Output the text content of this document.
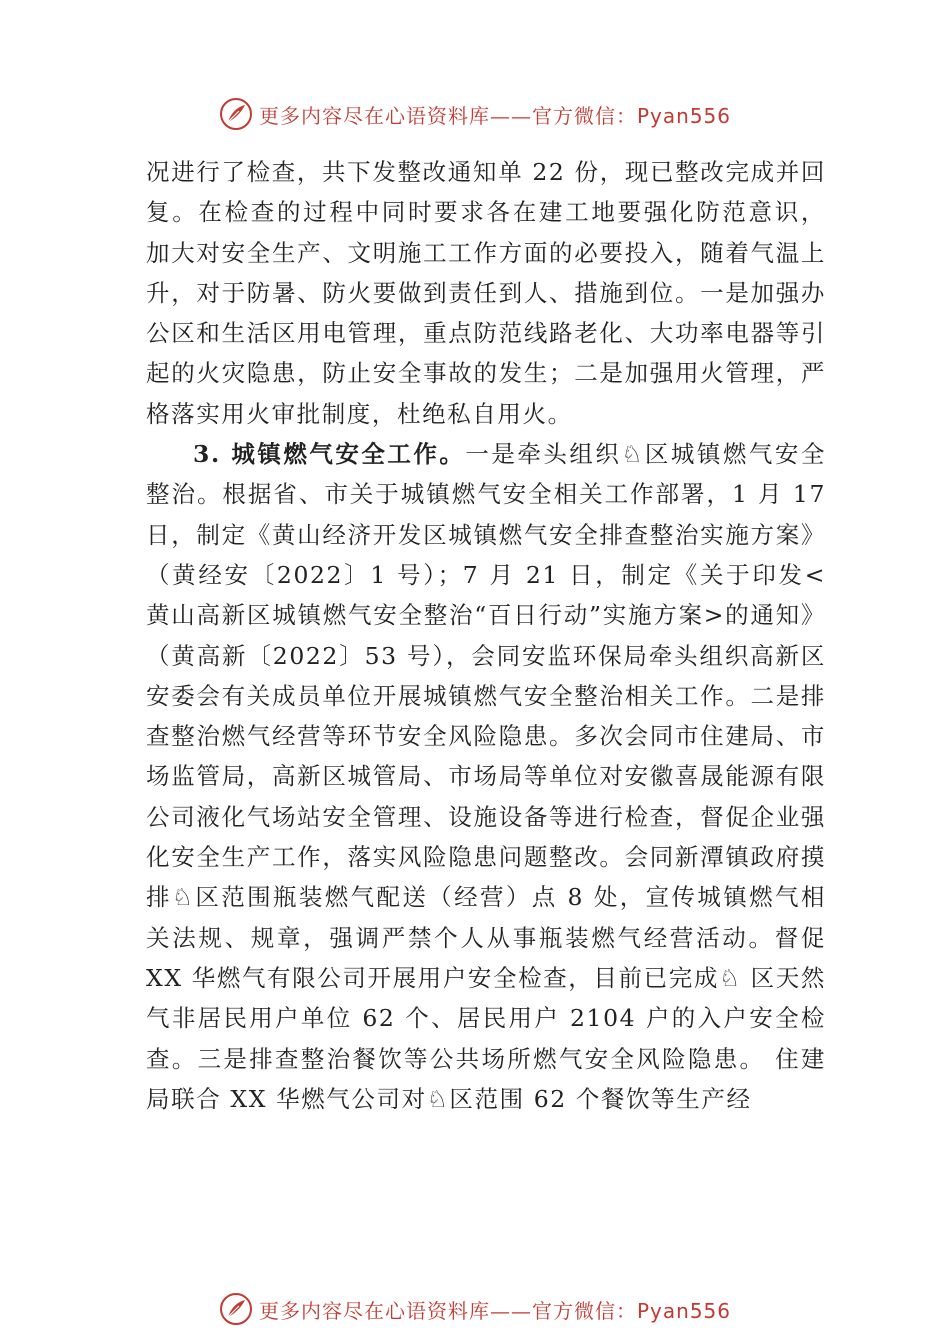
更多内容尽在心语资料库——官方微信：Pyan556

况进行了检查，共下发整改通知单 22 份，现已整改完成并回复。在检查的过程中同时要求各在建工地要强化防范意识， 加大对安全生产、文明施工工作方面的必要投入，随着气温上升，对于防暑、防火要做到责任到人、措施到位。一是加强办公区和生活区用电管理，重点防范线路老化、大功率电器等引起的火灾隐患，防止安全事故的发生；二是加强用火管理，严格落实用火审批制度，杜绝私自用火。

3. 城镇燃气安全工作。一是牵头组织♘区城镇燃气安全整治。根据省、市关于城镇燃气安全相关工作部署，1 月 17 日，制定《黄山经济开发区城镇燃气安全排查整治实施方案》（黄经安〔2022〕1 号）；7 月 21 日，制定《关于印发<黄山高新区城镇燃气安全整治“百日行动”实施方案>的通知》（黄高新〔2022〕53 号），会同安监环保局牵头组织高新区安委会有关成员单位开展城镇燃气安全整治相关工作。二是排查整治燃气经营等环节安全风险隐患。多次会同市住建局、市场监管局，高新区城管局、市场局等单位对安徽喜晟能源有限公司液化气场站安全管理、设施设备等进行检查，督促企业强化安全生产工作，落实风险隐患问题整改。会同新潭镇政府摸排♘区范围瓶装燃气配送（经营）点 8 处，宣传城镇燃气相关法规、规章，强调严禁个人从事瓶装燃气经营活动。督促 XX 华燃气有限公司开展用户安全检查，目前已完成♘ 区天然气非居民用户单位 62 个、居民用户 2104 户的入户安全检查。三是排查整治餐饮等公共场所燃气安全风险隐患。 住建局联合 XX 华燃气公司对♘区范围 62 个餐饮等生产经

更多内容尽在心语资料库——官方微信：Pyan556
